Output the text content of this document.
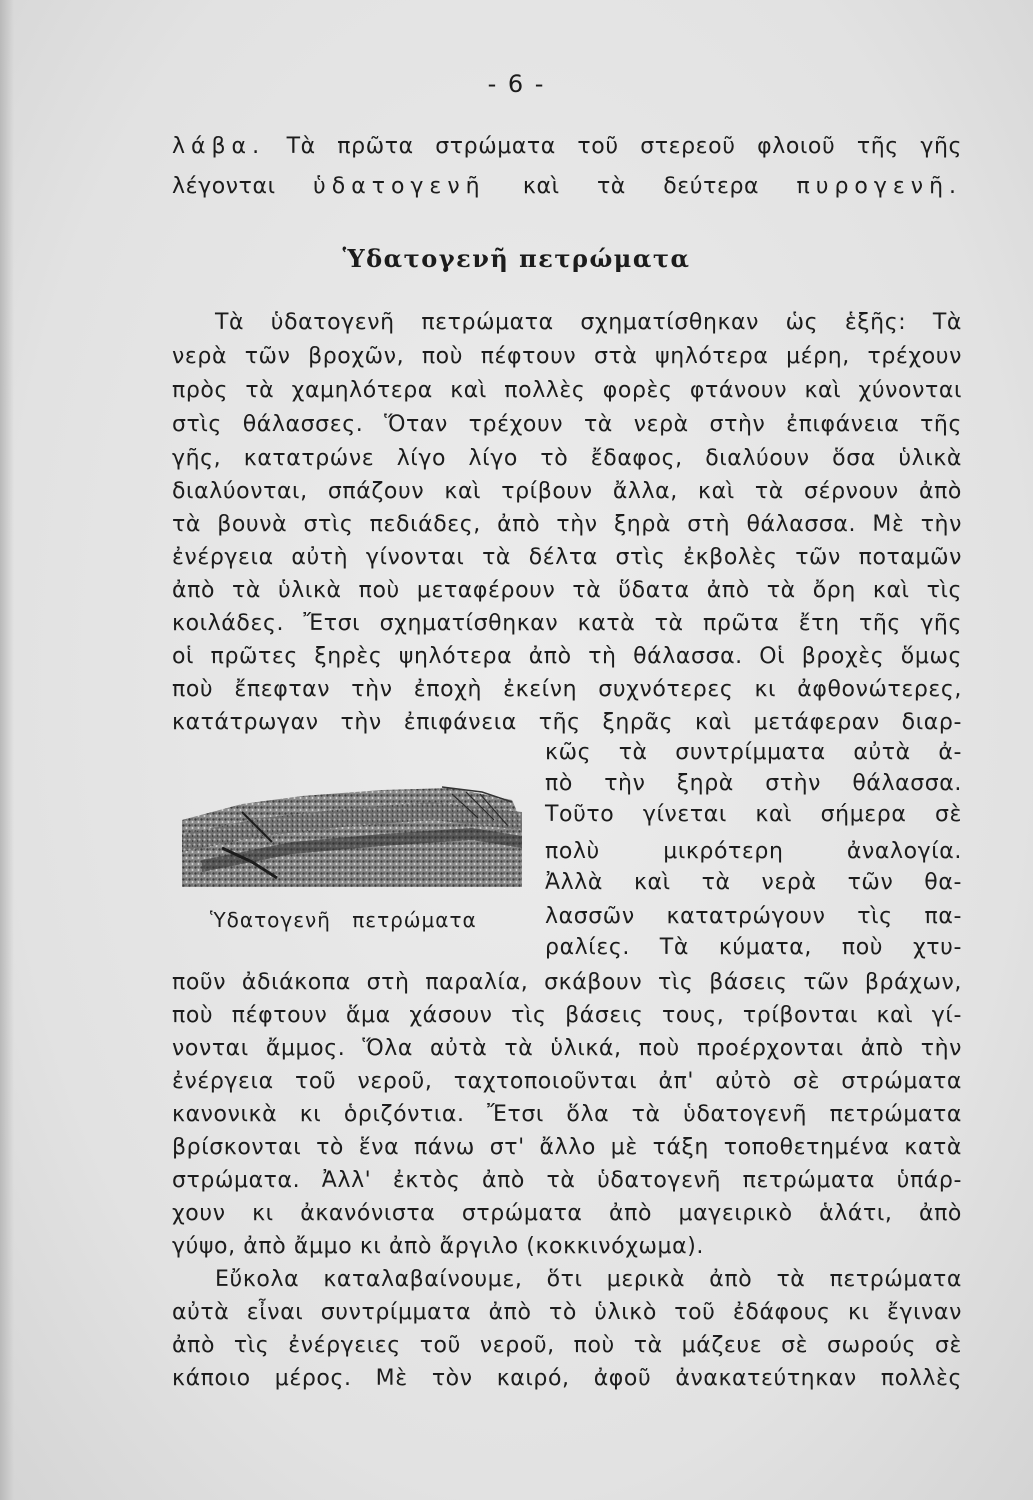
- 6 -
λάβα. Τὰ πρῶτα στρώματα τοῦ στερεοῦ φλοιοῦ τῆς γῆς
λέγονται ὑδατογενῆ καὶ τὰ δεύτερα πυρογενῆ.
Ὑδατογενῆ πετρώματα
Τὰ ὑδατογενῆ πετρώματα σχηματίσθηκαν ὡς ἑξῆς: Τὰ
νερὰ τῶν βροχῶν, ποὺ πέφτουν στὰ ψηλότερα μέρη, τρέχουν
πρὸς τὰ χαμηλότερα καὶ πολλὲς φορὲς φτάνουν καὶ χύνονται
στὶς θάλασσες. Ὅταν τρέχουν τὰ νερὰ στὴν ἐπιφάνεια τῆς
γῆς, κατατρώνε λίγο λίγο τὸ ἔδαφος, διαλύουν ὅσα ὑλικὰ
διαλύονται, σπάζουν καὶ τρίβουν ἄλλα, καὶ τὰ σέρνουν ἀπὸ
τὰ βουνὰ στὶς πεδιάδες, ἀπὸ τὴν ξηρὰ στὴ θάλασσα. Μὲ τὴν
ἐνέργεια αὐτὴ γίνονται τὰ δέλτα στὶς ἐκβολὲς τῶν ποταμῶν
ἀπὸ τὰ ὑλικὰ ποὺ μεταφέρουν τὰ ὕδατα ἀπὸ τὰ ὄρη καὶ τὶς
κοιλάδες. Ἔτσι σχηματίσθηκαν κατὰ τὰ πρῶτα ἔτη τῆς γῆς
οἱ πρῶτες ξηρὲς ψηλότερα ἀπὸ τὴ θάλασσα. Οἱ βροχὲς ὅμως
ποὺ ἔπεφταν τὴν ἐποχὴ ἐκείνη συχνότερες κι ἀφθονώτερες,
κατάτρωγαν τὴν ἐπιφάνεια τῆς ξηρᾶς καὶ μετάφεραν διαρ-
κῶς τὰ συντρίμματα αὐτὰ ἀ-
πὸ τὴν ξηρὰ στὴν θάλασσα.
Τοῦτο γίνεται καὶ σήμερα σὲ
πολὺ μικρότερη ἀναλογία.
Ἀλλὰ καὶ τὰ νερὰ τῶν θα-
λασσῶν κατατρώγουν τὶς πα-
ραλίες. Τὰ κύματα, ποὺ χτυ-
Ὑδατογενῆ πετρώματα
ποῦν ἀδιάκοπα στὴ παραλία, σκάβουν τὶς βάσεις τῶν βράχων,
ποὺ πέφτουν ἅμα χάσουν τὶς βάσεις τους, τρίβονται καὶ γί-
νονται ἄμμος. Ὅλα αὐτὰ τὰ ὑλικά, ποὺ προέρχονται ἀπὸ τὴν
ἐνέργεια τοῦ νεροῦ, ταχτοποιοῦνται ἀπ' αὐτὸ σὲ στρώματα
κανονικὰ κι ὁριζόντια. Ἔτσι ὅλα τὰ ὑδατογενῆ πετρώματα
βρίσκονται τὸ ἕνα πάνω στ' ἄλλο μὲ τάξη τοποθετημένα κατὰ
στρώματα. Ἀλλ' ἐκτὸς ἀπὸ τὰ ὑδατογενῆ πετρώματα ὑπάρ-
χουν κι ἀκανόνιστα στρώματα ἀπὸ μαγειρικὸ ἁλάτι, ἀπὸ
γύψο, ἀπὸ ἄμμο κι ἀπὸ ἄργιλο (κοκκινόχωμα).
Εὔκολα καταλαβαίνουμε, ὅτι μερικὰ ἀπὸ τὰ πετρώματα
αὐτὰ εἶναι συντρίμματα ἀπὸ τὸ ὑλικὸ τοῦ ἐδάφους κι ἔγιναν
ἀπὸ τὶς ἐνέργειες τοῦ νεροῦ, ποὺ τὰ μάζευε σὲ σωρούς σὲ
κάποιο μέρος. Μὲ τὸν καιρό, ἀφοῦ ἀνακατεύτηκαν πολλὲς
